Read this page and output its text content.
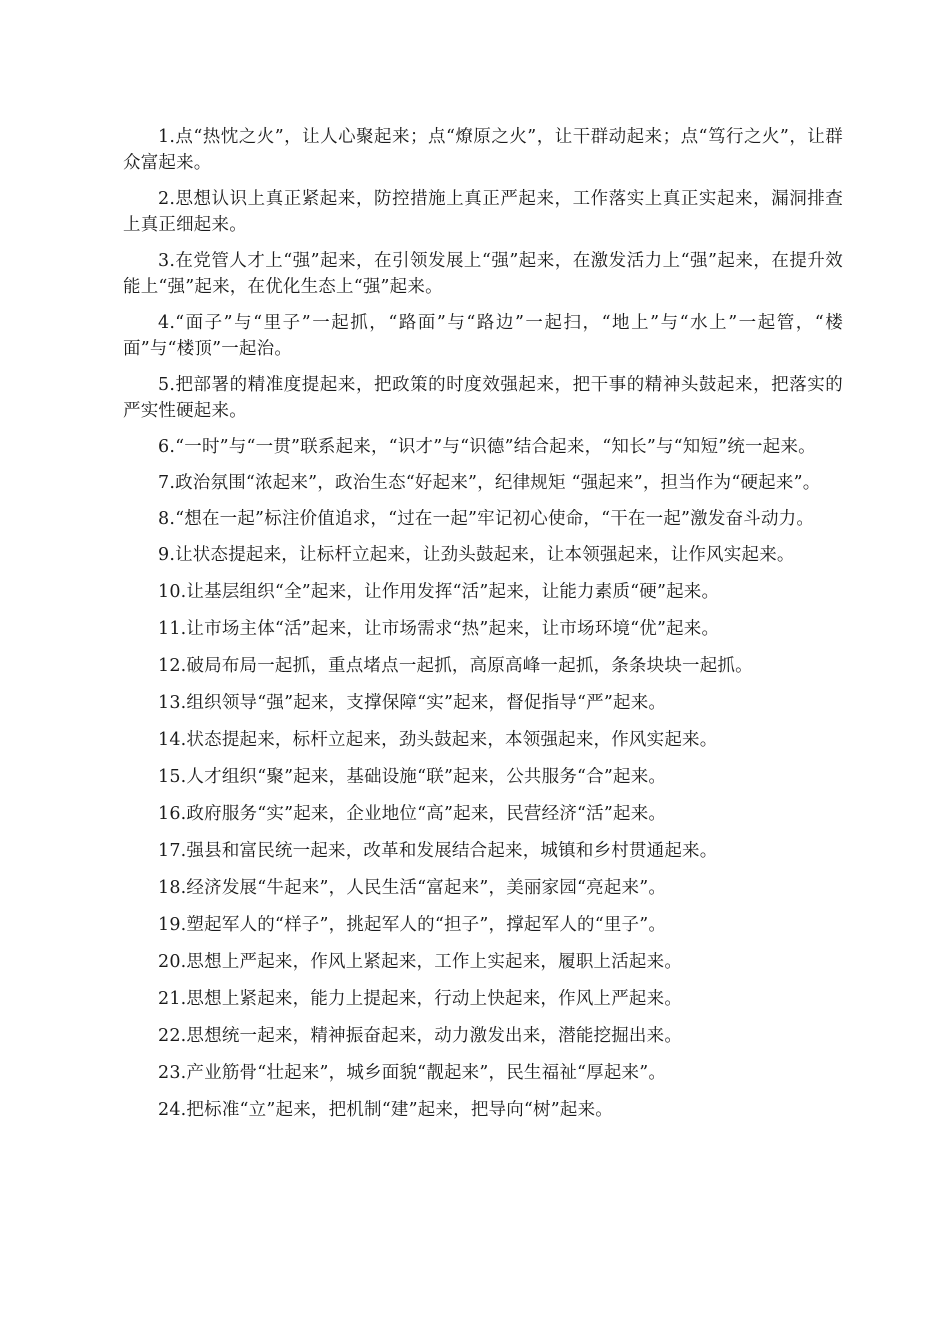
1.点“热忱之火”，让人心聚起来；点“燎原之火”，让干群动起来；点“笃行之火”，让群众富起来。

2.思想认识上真正紧起来，防控措施上真正严起来，工作落实上真正实起来，漏洞排查上真正细起来。

3.在党管人才上“强”起来，在引领发展上“强”起来，在激发活力上“强”起来，在提升效能上“强”起来，在优化生态上“强”起来。

4.“面子”与“里子”一起抓，“路面”与“路边”一起扫，“地上”与“水上”一起管，“楼面”与“楼顶”一起治。

5.把部署的精准度提起来，把政策的时度效强起来，把干事的精神头鼓起来，把落实的严实性硬起来。

6.“一时”与“一贯”联系起来，“识才”与“识德”结合起来，“知长”与“知短”统一起来。

7.政治氛围“浓起来”，政治生态“好起来”，纪律规矩 “强起来”，担当作为“硬起来”。

8.“想在一起”标注价值追求，“过在一起”牢记初心使命，“干在一起”激发奋斗动力。

9.让状态提起来，让标杆立起来，让劲头鼓起来，让本领强起来，让作风实起来。

10.让基层组织“全”起来，让作用发挥“活”起来，让能力素质“硬”起来。

11.让市场主体“活”起来，让市场需求“热”起来，让市场环境“优”起来。

12.破局布局一起抓，重点堵点一起抓，高原高峰一起抓，条条块块一起抓。

13.组织领导“强”起来，支撑保障“实”起来，督促指导“严”起来。

14.状态提起来，标杆立起来，劲头鼓起来，本领强起来，作风实起来。

15.人才组织“聚”起来，基础设施“联”起来，公共服务“合”起来。

16.政府服务“实”起来，企业地位“高”起来，民营经济“活”起来。

17.强县和富民统一起来，改革和发展结合起来，城镇和乡村贯通起来。

18.经济发展“牛起来”，人民生活“富起来”，美丽家园“亮起来”。

19.塑起军人的“样子”，挑起军人的“担子”，撑起军人的“里子”。

20.思想上严起来，作风上紧起来，工作上实起来，履职上活起来。

21.思想上紧起来，能力上提起来，行动上快起来，作风上严起来。

22.思想统一起来，精神振奋起来，动力激发出来，潜能挖掘出来。

23.产业筋骨“壮起来”，城乡面貌“靓起来”，民生福祉“厚起来”。

24.把标准“立”起来，把机制“建”起来，把导向“树”起来。
